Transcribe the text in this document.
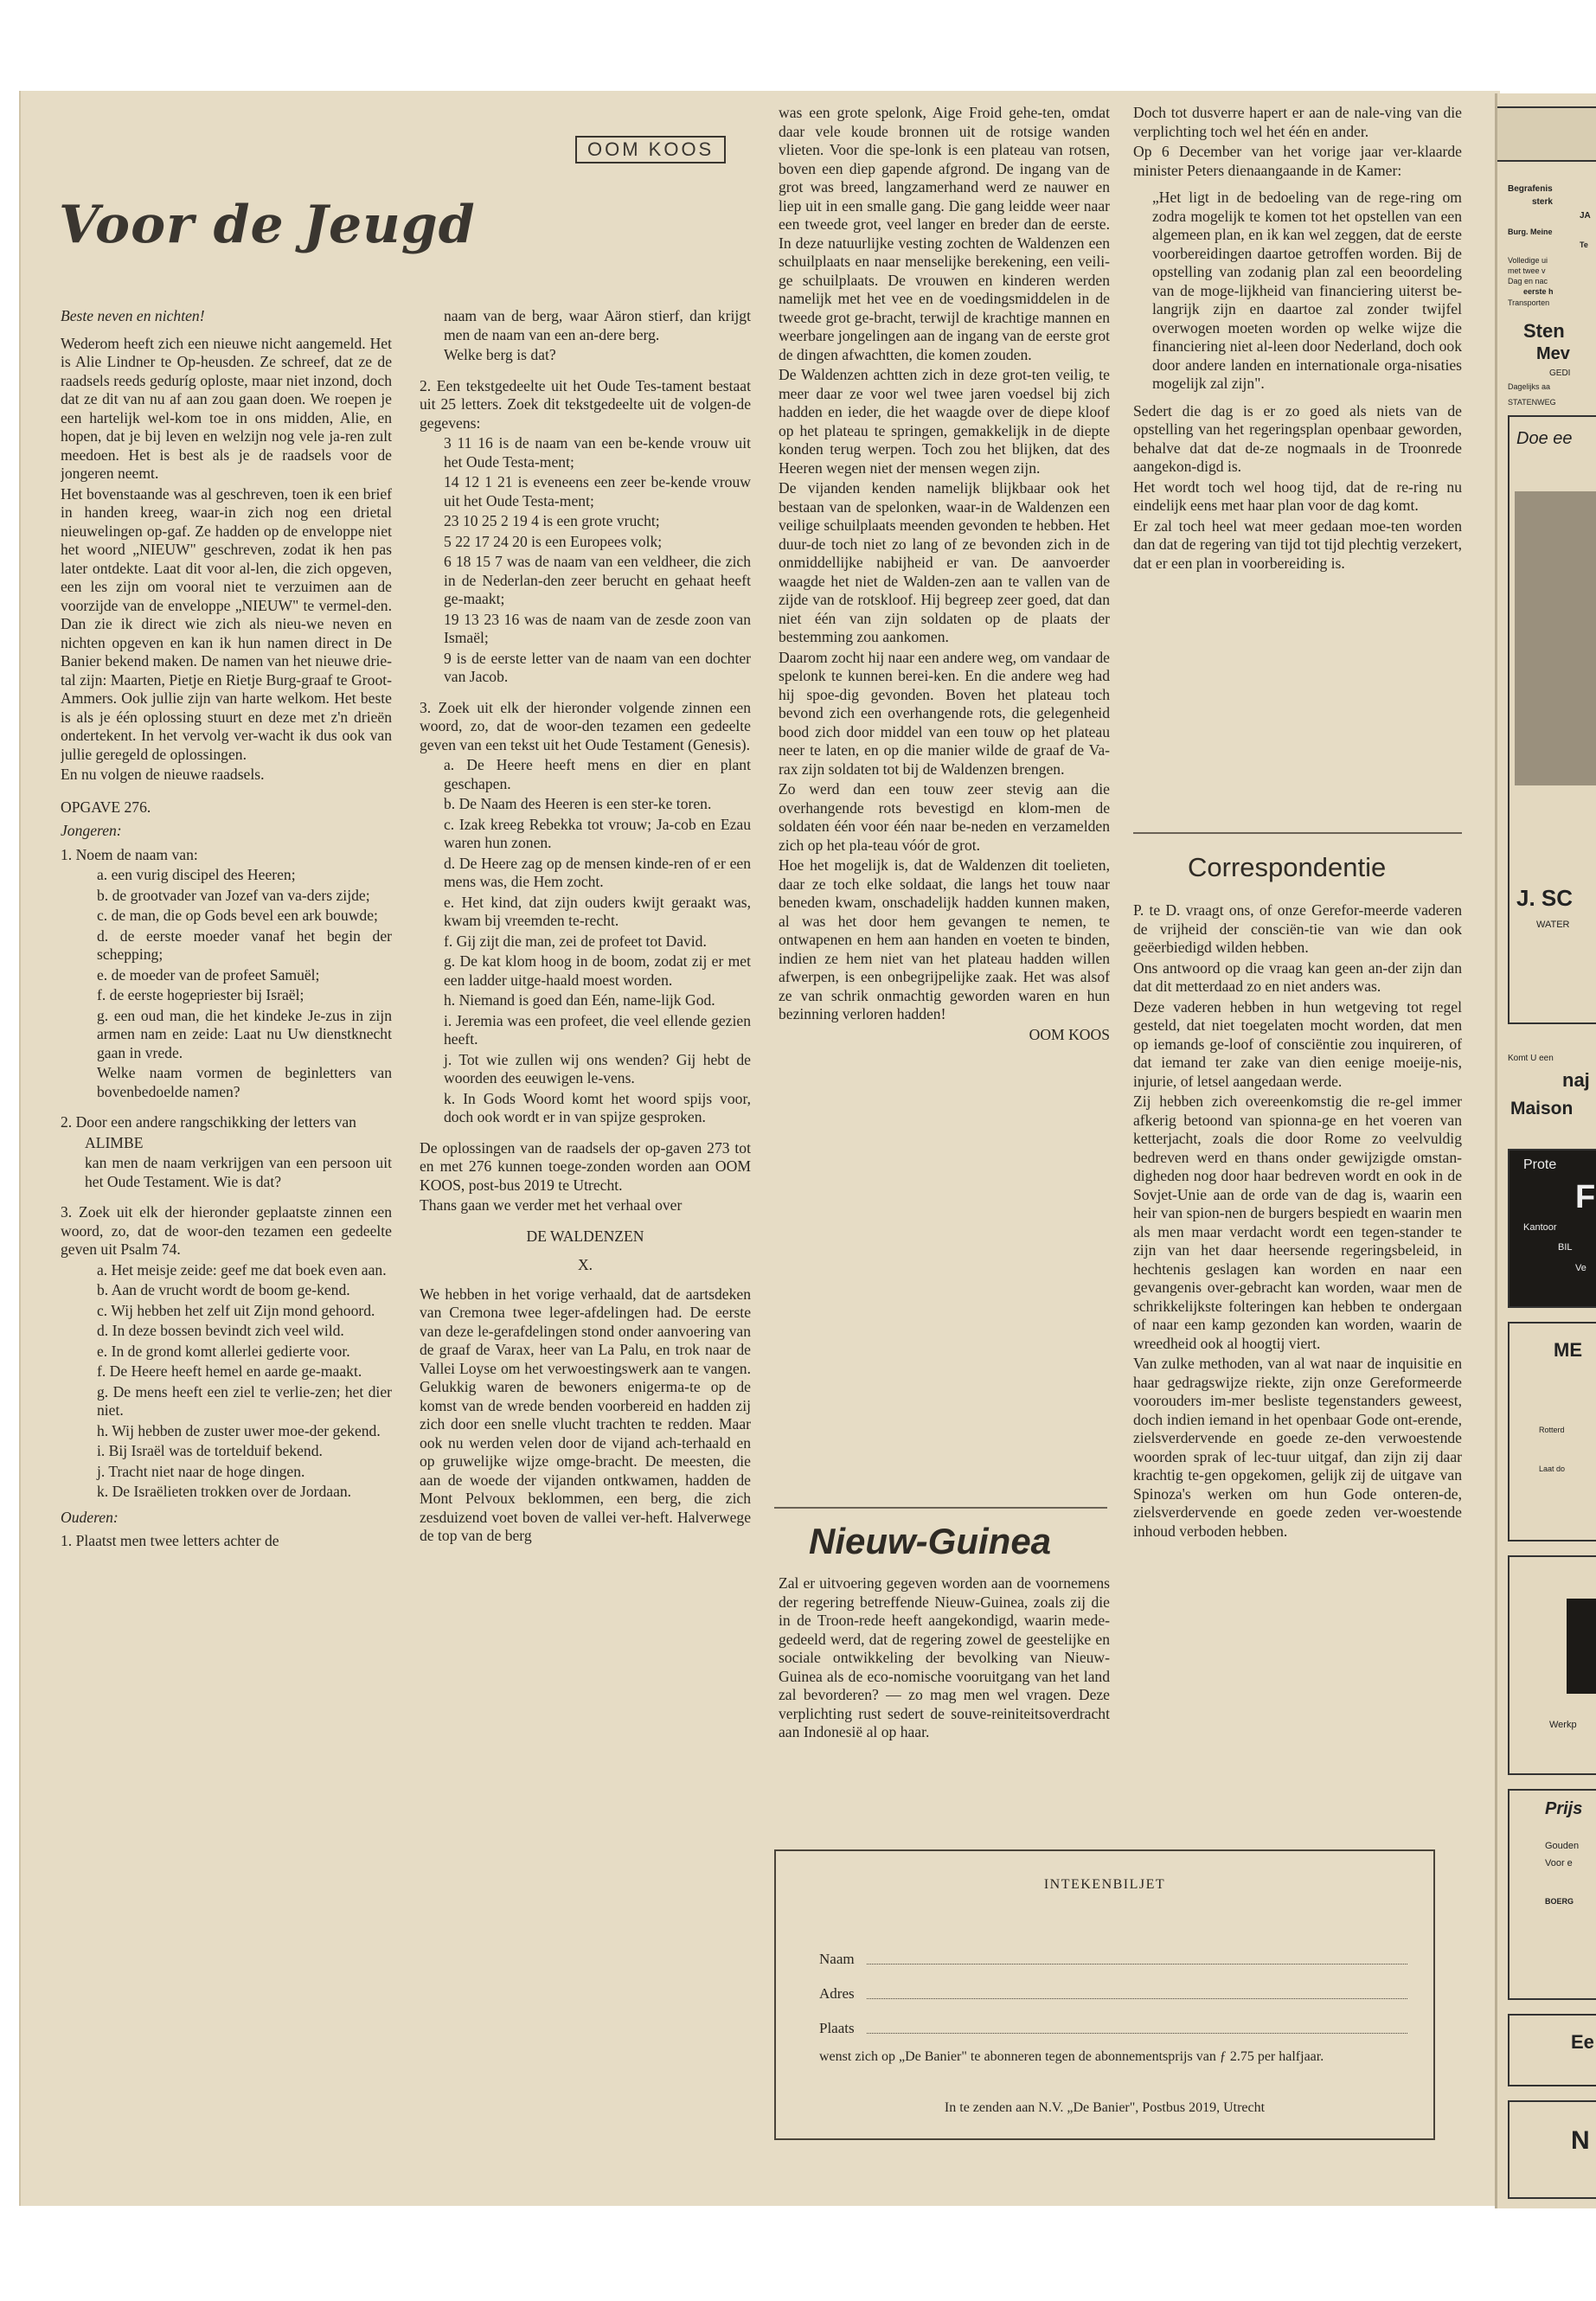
OOM KOOS
Voor de Jeugd

Beste neven en nichten!

Wederom heeft zich een nieuwe nicht aangemeld. Het is Alie Lindner te Op-heusden. Ze schreef, dat ze de raadsels reeds geduríg oploste, maar niet inzond, doch dat ze dit van nu af aan zou gaan doen. We roepen je een hartelijk wel-kom toe in ons midden, Alie, en hopen, dat je bij leven en welzijn nog vele ja-ren zult meedoen. Het is best als je de raadsels voor de jongeren neemt.

Het bovenstaande was al geschreven, toen ik een brief in handen kreeg, waar-in zich nog een drietal nieuwelingen op-gaf. Ze hadden op de enveloppe niet het woord „NIEUW" geschreven, zodat ik hen pas later ontdekte. Laat dit voor al-len, die zich opgeven, een les zijn om vooral niet te verzuimen aan de voorzijde van de enveloppe „NIEUW" te vermel-den. Dan zie ik direct wie zich als nieu-we neven en nichten opgeven en kan ik hun namen direct in De Banier bekend maken. De namen van het nieuwe drie-tal zijn: Maarten, Pietje en Rietje Burg-graaf te Groot-Ammers. Ook jullie zijn van harte welkom. Het beste is als je één oplossing stuurt en deze met z'n drieën ondertekent. In het vervolg ver-wacht ik dus ook van jullie geregeld de oplossingen.

En nu volgen de nieuwe raadsels.

OPGAVE 276.

Jongeren:

1. Noem de naam van:

a. een vurig discipel des Heeren;

b. de grootvader van Jozef van va-ders zijde;

c. de man, die op Gods bevel een ark bouwde;

d. de eerste moeder vanaf het begin der schepping;

e. de moeder van de profeet Samuël;

f. de eerste hogepriester bij Israël;

g. een oud man, die het kindeke Je-zus in zijn armen nam en zeide: Laat nu Uw dienstknecht gaan in vrede.

Welke naam vormen de beginletters van bovenbedoelde namen?

2. Door een andere rangschikking der letters van

ALIMBE

kan men de naam verkrijgen van een persoon uit het Oude Testament. Wie is dat?

3. Zoek uit elk der hieronder geplaatste zinnen een woord, zo, dat de woor-den tezamen een gedeelte geven uit Psalm 74.

a. Het meisje zeide: geef me dat boek even aan.

b. Aan de vrucht wordt de boom ge-kend.

c. Wij hebben het zelf uit Zijn mond gehoord.

d. In deze bossen bevindt zich veel wild.

e. In de grond komt allerlei gedierte voor.

f. De Heere heeft hemel en aarde ge-maakt.

g. De mens heeft een ziel te verlie-zen; het dier niet.

h. Wij hebben de zuster uwer moe-der gekend.

i. Bij Israël was de tortelduif bekend.

j. Tracht niet naar de hoge dingen.

k. De Israëlieten trokken over de Jordaan.

Ouderen:

1. Plaatst men twee letters achter de

naam van de berg, waar Aäron stierf, dan krijgt men de naam van een an-dere berg.

Welke berg is dat?

2. Een tekstgedeelte uit het Oude Tes-tament bestaat uit 25 letters. Zoek dit tekstgedeelte uit de volgen-de gegevens:

3 11 16 is de naam van een be-kende vrouw uit het Oude Testa-ment;

14 12 1 21 is eveneens een zeer be-kende vrouw uit het Oude Testa-ment;

23 10 25 2 19 4 is een grote vrucht;

5 22 17 24 20 is een Europees volk;

6 18 15 7 was de naam van een veldheer, die zich in de Nederlan-den zeer berucht en gehaat heeft ge-maakt;

19 13 23 16 was de naam van de zesde zoon van Ismaël;

9 is de eerste letter van de naam van een dochter van Jacob.

3. Zoek uit elk der hieronder volgende zinnen een woord, zo, dat de woor-den tezamen een gedeelte geven van een tekst uit het Oude Testament (Genesis).

a. De Heere heeft mens en dier en plant geschapen.

b. De Naam des Heeren is een ster-ke toren.

c. Izak kreeg Rebekka tot vrouw; Ja-cob en Ezau waren hun zonen.

d. De Heere zag op de mensen kinde-ren of er een mens was, die Hem zocht.

e. Het kind, dat zijn ouders kwijt geraakt was, kwam bij vreemden te-recht.

f. Gij zijt die man, zei de profeet tot David.

g. De kat klom hoog in de boom, zodat zij er met een ladder uitge-haald moest worden.

h. Niemand is goed dan Eén, name-lijk God.

i. Jeremia was een profeet, die veel ellende gezien heeft.

j. Tot wie zullen wij ons wenden? Gij hebt de woorden des eeuwigen le-vens.

k. In Gods Woord komt het woord spijs voor, doch ook wordt er in van spijze gesproken.

De oplossingen van de raadsels der op-gaven 273 tot en met 276 kunnen toege-zonden worden aan OOM KOOS, post-bus 2019 te Utrecht.

Thans gaan we verder met het verhaal over

DE WALDENZEN

X.

We hebben in het vorige verhaald, dat de aartsdeken van Cremona twee leger-afdelingen had. De eerste van deze le-gerafdelingen stond onder aanvoering van de graaf de Varax, heer van La Palu, en trok naar de Vallei Loyse om het verwoestingswerk aan te vangen. Gelukkig waren de bewoners enigerma-te op de komst van de wrede benden voorbereid en hadden zij zich door een snelle vlucht trachten te redden. Maar ook nu werden velen door de vijand ach-terhaald en op gruwelijke wijze omge-bracht. De meesten, die aan de woede der vijanden ontkwamen, hadden de Mont Pelvoux beklommen, een berg, die zich zesduizend voet boven de vallei ver-heft. Halverwege de top van de berg

was een grote spelonk, Aige Froid gehe-ten, omdat daar vele koude bronnen uit de rotsige wanden vlieten. Voor die spe-lonk is een plateau van rotsen, boven een diep gapende afgrond. De ingang van de grot was breed, langzamerhand werd ze nauwer en liep uit in een smalle gang. Die gang leidde weer naar een tweede grot, veel langer en breder dan de eerste. In deze natuurlijke vesting zochten de Waldenzen een schuilplaats en naar menselijke berekening, een veili-ge schuilplaats. De vrouwen en kinderen werden namelijk met het vee en de voedingsmiddelen in de tweede grot ge-bracht, terwijl de krachtige mannen en weerbare jongelingen aan de ingang van de eerste grot de dingen afwachtten, die komen zouden.

De Waldenzen achtten zich in deze grot-ten veilig, te meer daar ze voor wel twee jaren voedsel bij zich hadden en ieder, die het waagde over de diepe kloof op het plateau te springen, gemakkelijk in de diepte konden terug werpen. Toch zou het blijken, dat des Heeren wegen niet der mensen wegen zijn.

De vijanden kenden namelijk blijkbaar ook het bestaan van de spelonken, waar-in de Waldenzen een veilige schuilplaats meenden gevonden te hebben. Het duur-de toch niet zo lang of ze bevonden zich in de onmiddellijke nabijheid er van. De aanvoerder waagde het niet de Walden-zen aan te vallen van de zijde van de rotskloof. Hij begreep zeer goed, dat dan niet één van zijn soldaten op de plaats der bestemming zou aankomen.

Daarom zocht hij naar een andere weg, om vandaar de spelonk te kunnen berei-ken. En die andere weg had hij spoe-dig gevonden. Boven het plateau toch bevond zich een overhangende rots, die gelegenheid bood zich door middel van een touw op het plateau neer te laten, en op die manier wilde de graaf de Va-rax zijn soldaten tot bij de Waldenzen brengen.

Zo werd dan een touw zeer stevig aan die overhangende rots bevestigd en klom-men de soldaten één voor één naar be-neden en verzamelden zich op het pla-teau vóór de grot.

Hoe het mogelijk is, dat de Waldenzen dit toelieten, daar ze toch elke soldaat, die langs het touw naar beneden kwam, onschadelijk hadden kunnen maken, al was het door hem gevangen te nemen, te ontwapenen en hem aan handen en voeten te binden, indien ze hem niet van het plateau hadden willen afwerpen, is een onbegrijpelijke zaak. Het was alsof ze van schrik onmachtig geworden waren en hun bezinning verloren hadden!

OOM KOOS

Nieuw-Guinea

Zal er uitvoering gegeven worden aan de voornemens der regering betreffende Nieuw-Guinea, zoals zij die in de Troon-rede heeft aangekondigd, waarin mede-gedeeld werd, dat de regering zowel de geestelijke en sociale ontwikkeling der bevolking van Nieuw-Guinea als de eco-nomische vooruitgang van het land zal bevorderen? — zo mag men wel vragen. Deze verplichting rust sedert de souve-reiniteitsoverdracht aan Indonesië al op haar.

Doch tot dusverre hapert er aan de nale-ving van die verplichting toch wel het één en ander.

Op 6 December van het vorige jaar ver-klaarde minister Peters dienaangaande in de Kamer:

„Het ligt in de bedoeling van de rege-ring om zodra mogelijk te komen tot het opstellen van een algemeen plan, en ik kan wel zeggen, dat de eerste voorbereidingen daartoe getroffen worden. Bij de opstelling van zodanig plan zal een beoordeling van de moge-lijkheid van financiering uiterst be-langrijk zijn en daartoe zal zonder twijfel overwogen moeten worden op welke wijze die financiering niet al-leen door Nederland, doch ook door andere landen en internationale orga-nisaties mogelijk zal zijn".

Sedert die dag is er zo goed als niets van de opstelling van het regeringsplan openbaar geworden, behalve dat dat de-ze nogmaals in de Troonrede aangekon-digd is.

Het wordt toch wel hoog tijd, dat de re-ring nu eindelijk eens met haar plan voor de dag komt.

Er zal toch heel wat meer gedaan moe-ten worden dan dat de regering van tijd tot tijd plechtig verzekert, dat er een plan in voorbereiding is.

Correspondentie

P. te D. vraagt ons, of onze Gerefor-meerde vaderen de vrijheid der consciën-tie van wie dan ook geëerbiedigd wilden hebben.

Ons antwoord op die vraag kan geen an-der zijn dan dat dit metterdaad zo en niet anders was.

Deze vaderen hebben in hun wetgeving tot regel gesteld, dat niet toegelaten mocht worden, dat men op iemands ge-loof of consciëntie zou inquireren, of dat iemand ter zake van dien eenige moeije-nis, injurie, of letsel aangedaan werde.

Zij hebben zich overeenkomstig die re-gel immer afkerig betoond van spionna-ge en het voeren van ketterjacht, zoals die door Rome zo veelvuldig bedreven werd en thans onder gewijzigde omstan-digheden nog door haar bedreven wordt en ook in de Sovjet-Unie aan de orde van de dag is, waarin een heir van spion-nen de burgers bespiedt en waarin men als men maar verdacht wordt een tegen-stander te zijn van het daar heersende regeringsbeleid, in hechtenis geslagen kan worden en naar een gevangenis over-gebracht kan worden, waar men de schrikkelijkste folteringen kan hebben te ondergaan of naar een kamp gezonden kan worden, waarin de wreedheid ook al hoogtij viert.

Van zulke methoden, van al wat naar de inquisitie en haar gedragswijze riekte, zijn onze Gereformeerde voorouders im-mer besliste tegenstanders geweest, doch indien iemand in het openbaar Gode ont-erende, zielsverdervende en goede ze-den verwoestende woorden sprak of lec-tuur uitgaf, dan zijn zij daar krachtig te-gen opgekomen, gelijk zij de uitgave van Spinoza's werken om hun Gode onteren-de, zielsverdervende en goede zeden ver-woestende inhoud verboden hebben.

INTEKENBILJET
Naam
Adres
Plaats
wenst zich op „De Banier" te abonneren tegen de abonnementsprijs van ƒ 2.75 per halfjaar.
In te zenden aan N.V. „De Banier", Postbus 2019, Utrecht
Begrafenis
sterk
JA
Burg. Meine
Te
Volledige ui
met twee v
Dag en nac
eerste h
Transporten
Sten
Mev
GEDI
Dagelijks aa
STATENWEG
Doe ee
J. SC
WATER
Komt U een
naj
Maison
Prote
F
Kantoor
BIL
Ve
ME
Rotterd
Laat do
Werkp
Prijs
Gouden
Voor e
BOERG
Ee
N
